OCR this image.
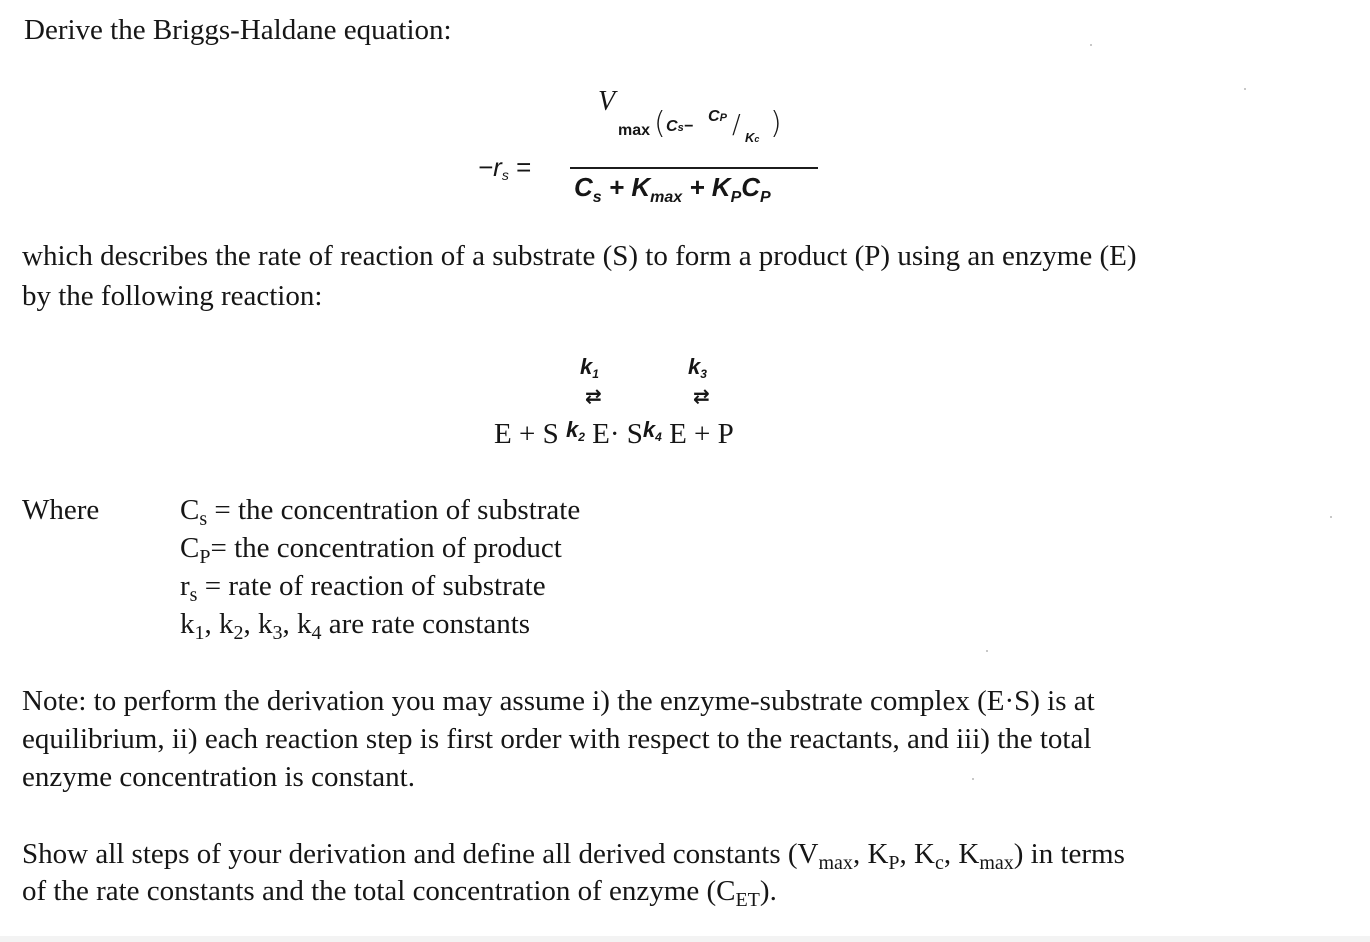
Derive the Briggs-Haldane equation:
−rs =
V
max ( Cs−
CP / Kc )
$C_s + K_{max} + K_PC_P$
which describes the rate of reaction of a substrate (S) to form a product (P) using an enzyme (E)
by the following reaction:
k1	k3
⇄	⇄
E + S $^{k2}$ $E\cdot S^{k4}$ E + P
Where	$C_s$ = the concentration of substrate
$C_P=$ the concentration of product
$r_s$ = rate of reaction of substrate
$k_1$, $k_2$, $k_3$, $k_4$ are rate constants
Note: to perform the derivation you may assume i) the enzyme-substrate complex (E·S) is at
equilibrium, ii) each reaction step is first order with respect to the reactants, and iii) the total
enzyme concentration is constant.
Show all steps of your derivation and define all derived constants ($V_{max}$, $K_P$, $K_c$, $K_{max}$) in terms
of the rate constants and the total concentration of enzyme $(C_{ET})$.
